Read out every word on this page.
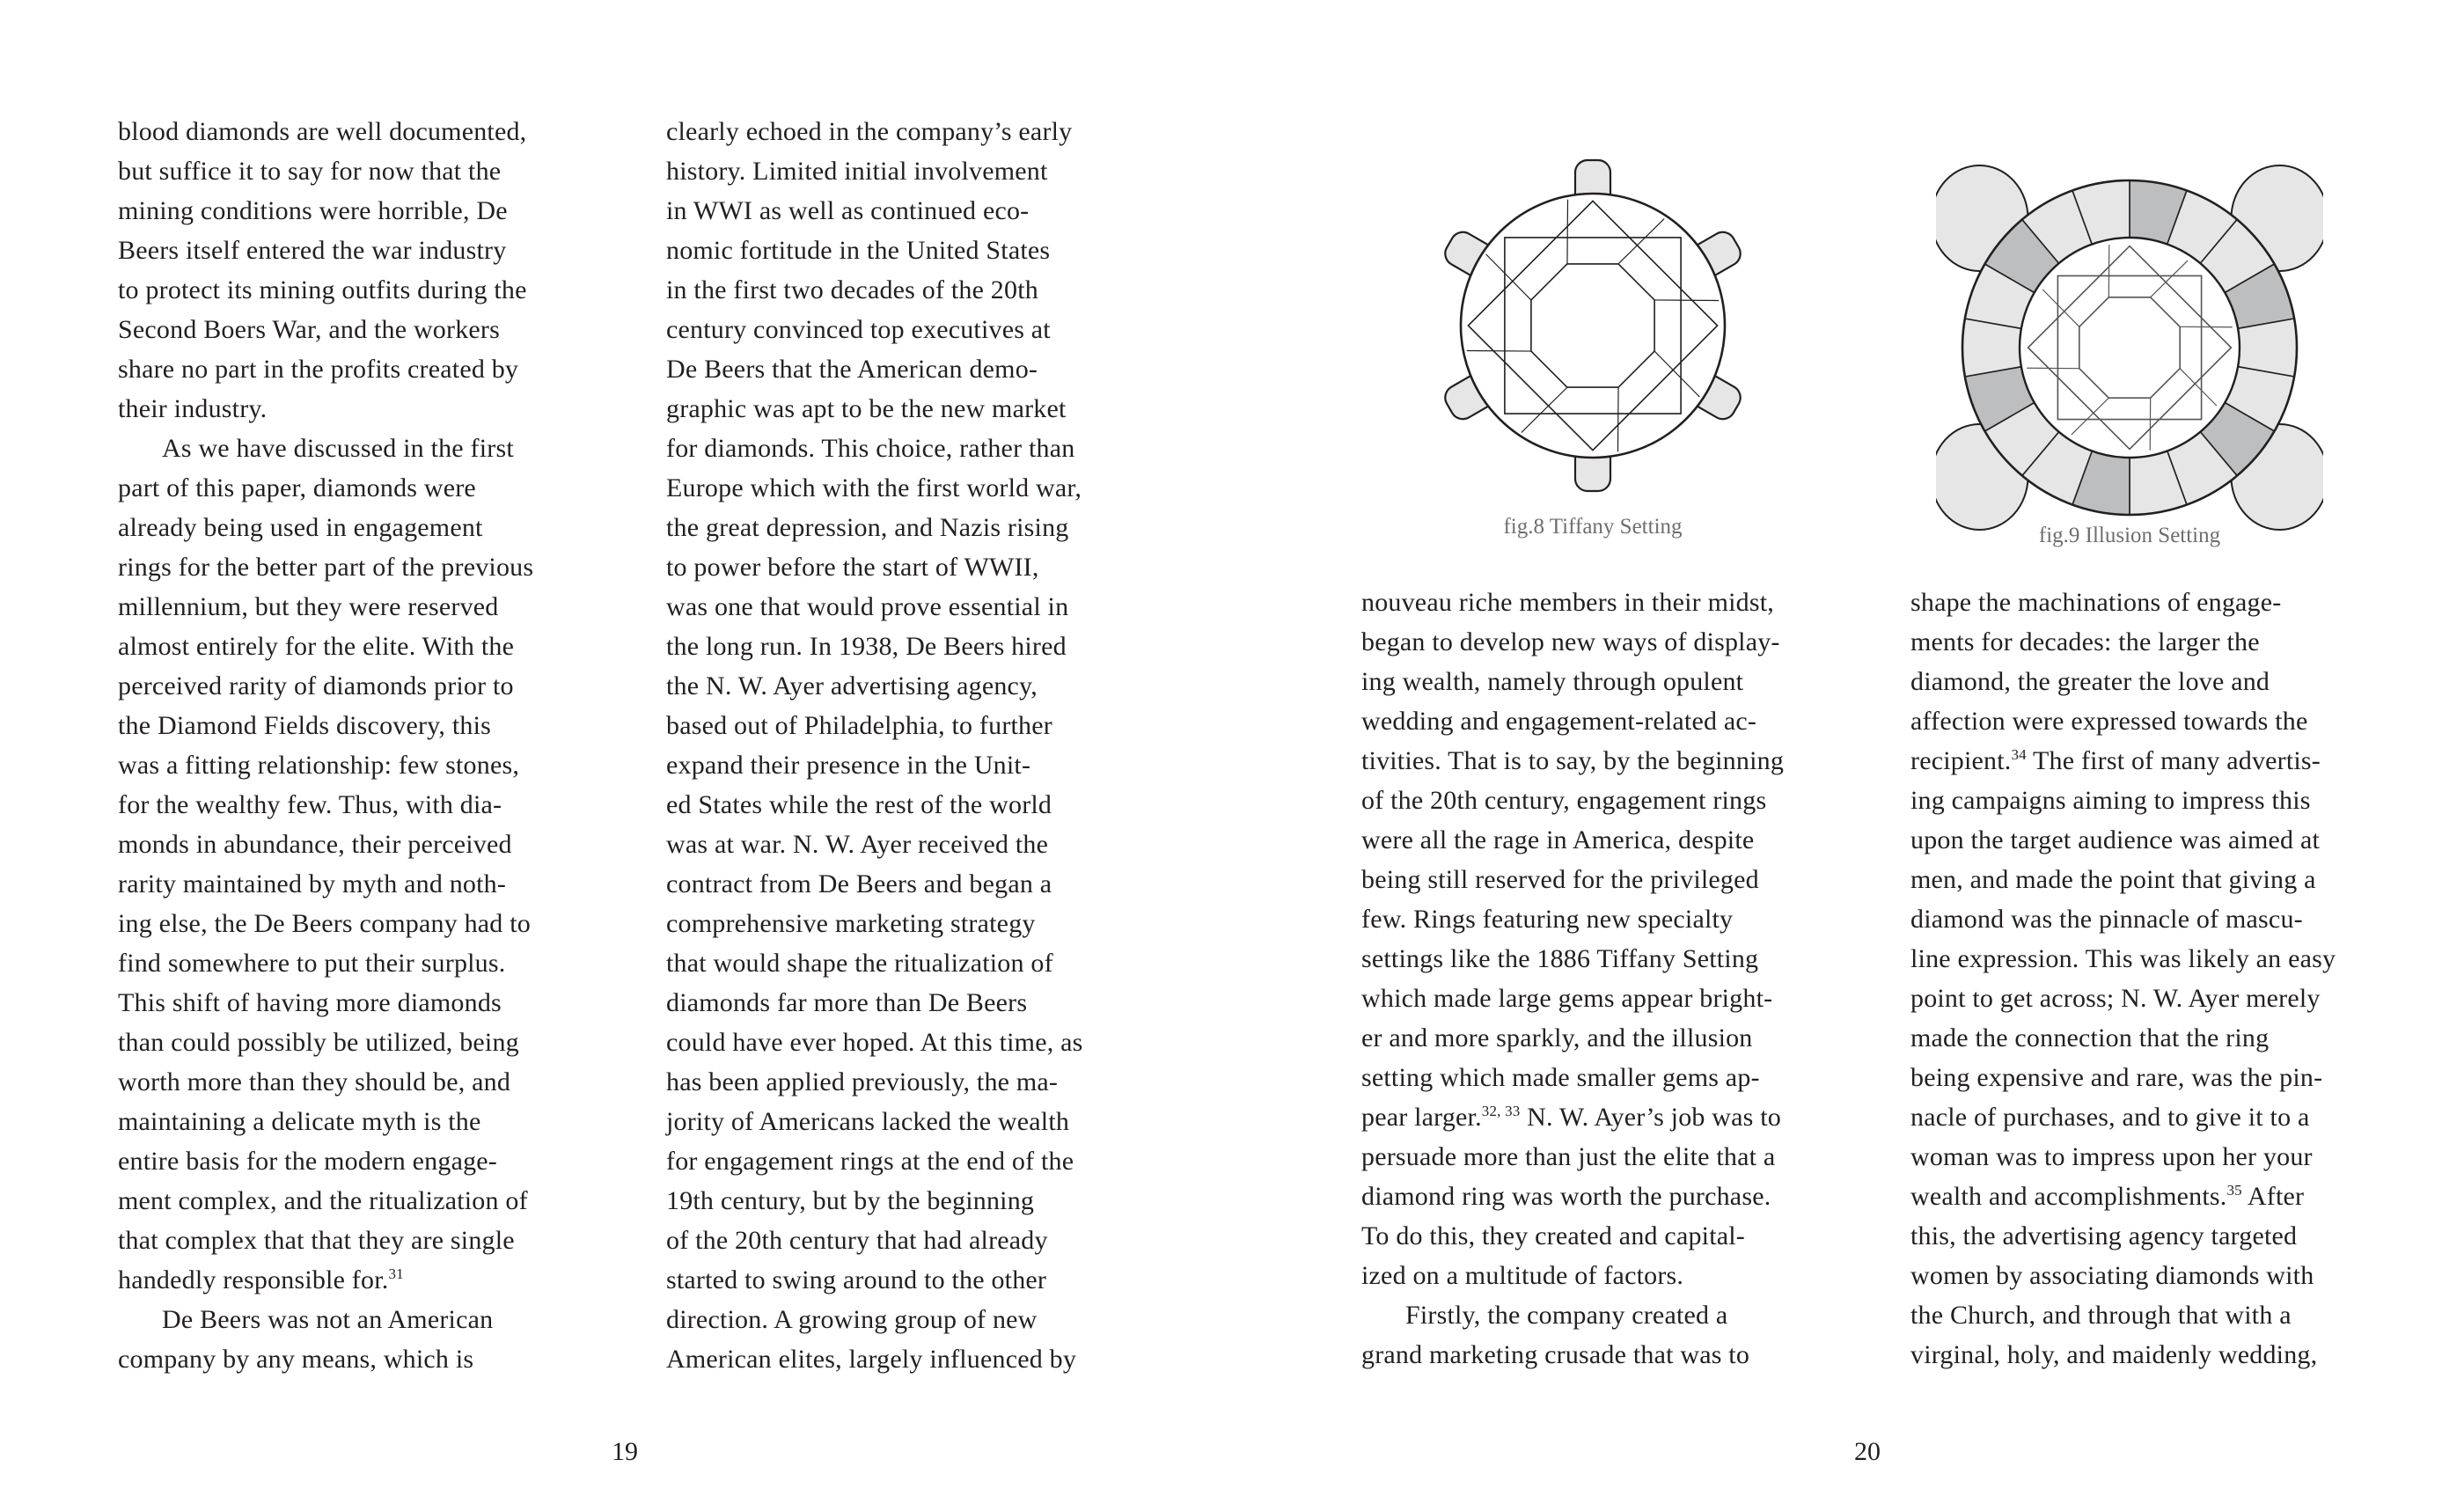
blood diamonds are well documented,
but suffice it to say for now that the
mining conditions were horrible, De
Beers itself entered the war industry
to protect its mining outfits during the
Second Boers War, and the workers
share no part in the profits created by
their industry.
As we have discussed in the first
part of this paper, diamonds were
already being used in engagement
rings for the better part of the previous
millennium, but they were reserved
almost entirely for the elite. With the
perceived rarity of diamonds prior to
the Diamond Fields discovery, this
was a fitting relationship: few stones,
for the wealthy few. Thus, with dia-
monds in abundance, their perceived
rarity maintained by myth and noth-
ing else, the De Beers company had to
find somewhere to put their surplus.
This shift of having more diamonds
than could possibly be utilized, being
worth more than they should be, and
maintaining a delicate myth is the
entire basis for the modern engage-
ment complex, and the ritualization of
that complex that that they are single
handedly responsible for.$^{31}$
De Beers was not an American
company by any means, which is
clearly echoed in the company’s early
history. Limited initial involvement
in WWI as well as continued eco-
nomic fortitude in the United States
in the first two decades of the 20th
century convinced top executives at
De Beers that the American demo-
graphic was apt to be the new market
for diamonds. This choice, rather than
Europe which with the first world war,
the great depression, and Nazis rising
to power before the start of WWII,
was one that would prove essential in
the long run. In 1938, De Beers hired
the N. W. Ayer advertising agency,
based out of Philadelphia, to further
expand their presence in the Unit-
ed States while the rest of the world
was at war. N. W. Ayer received the
contract from De Beers and began a
comprehensive marketing strategy
that would shape the ritualization of
diamonds far more than De Beers
could have ever hoped. At this time, as
has been applied previously, the ma-
jority of Americans lacked the wealth
for engagement rings at the end of the
19th century, but by the beginning
of the 20th century that had already
started to swing around to the other
direction. A growing group of new
American elites, largely influenced by
nouveau riche members in their midst,
began to develop new ways of display-
ing wealth, namely through opulent
wedding and engagement-related ac-
tivities. That is to say, by the beginning
of the 20th century, engagement rings
were all the rage in America, despite
being still reserved for the privileged
few. Rings featuring new specialty
settings like the 1886 Tiffany Setting
which made large gems appear bright-
er and more sparkly, and the illusion
setting which made smaller gems ap-
pear larger.$^{32, 33}$ N. W. Ayer’s job was to
persuade more than just the elite that a
diamond ring was worth the purchase.
To do this, they created and capital-
ized on a multitude of factors.
Firstly, the company created a
grand marketing crusade that was to
shape the machinations of engage-
ments for decades: the larger the
diamond, the greater the love and
affection were expressed towards the
recipient.$^{34}$ The first of many advertis-
ing campaigns aiming to impress this
upon the target audience was aimed at
men, and made the point that giving a
diamond was the pinnacle of mascu-
line expression. This was likely an easy
point to get across; N. W. Ayer merely
made the connection that the ring
being expensive and rare, was the pin-
nacle of purchases, and to give it to a
woman was to impress upon her your
wealth and accomplishments.$^{35}$ After
this, the advertising agency targeted
women by associating diamonds with
the Church, and through that with a
virginal, holy, and maidenly wedding,
fig.8 Tiffany Setting	fig.9 Illusion Setting
19	20
